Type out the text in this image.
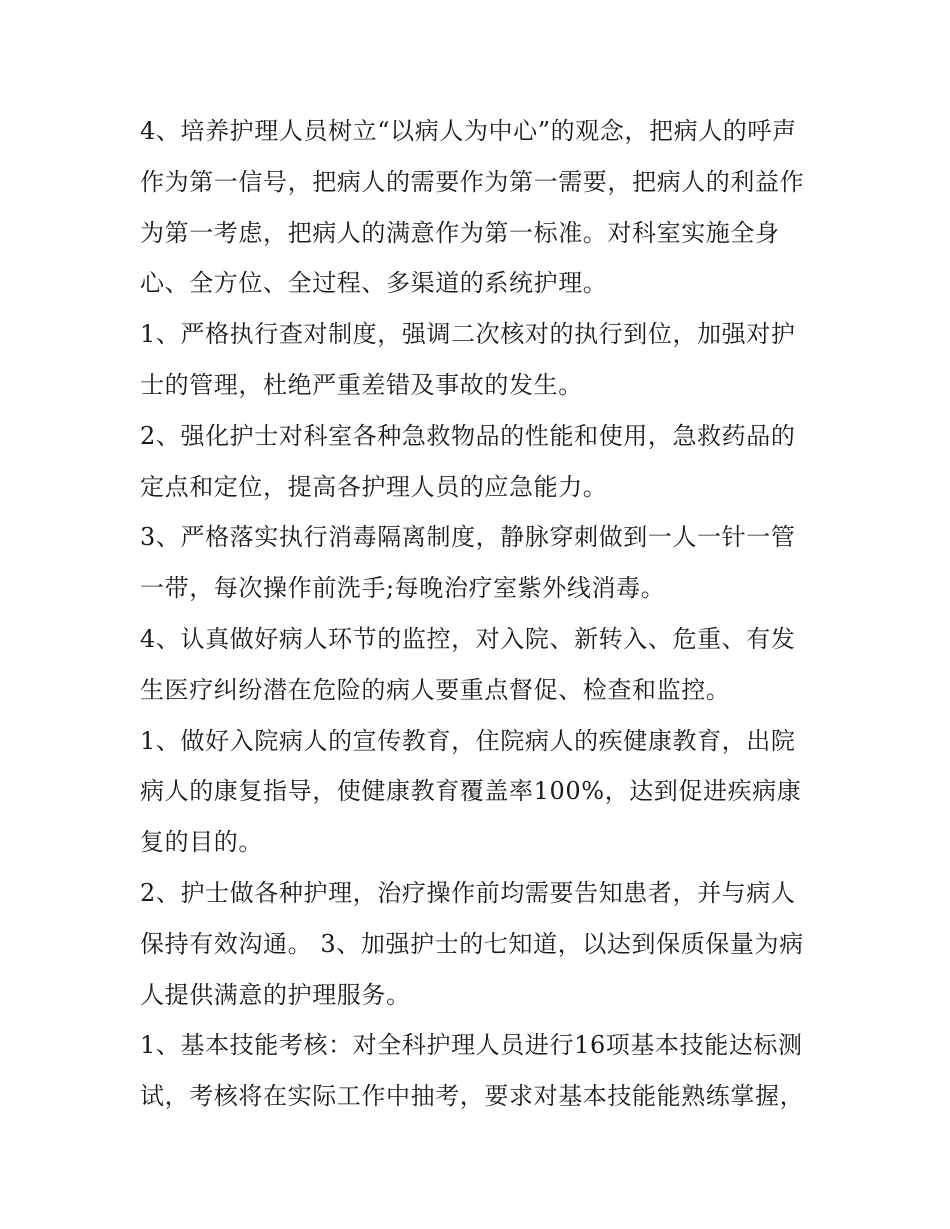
4、培养护理人员树立“以病人为中心”的观念，把病人的呼声作为第一信号，把病人的需要作为第一需要，把病人的利益作为第一考虑，把病人的满意作为第一标准。对科室实施全身心、全方位、全过程、多渠道的系统护理。

1、严格执行查对制度，强调二次核对的执行到位，加强对护士的管理，杜绝严重差错及事故的发生。

2、强化护士对科室各种急救物品的性能和使用，急救药品的定点和定位，提高各护理人员的应急能力。

3、严格落实执行消毒隔离制度，静脉穿刺做到一人一针一管一带，每次操作前洗手;每晚治疗室紫外线消毒。

4、认真做好病人环节的监控，对入院、新转入、危重、有发生医疗纠纷潜在危险的病人要重点督促、检查和监控。

1、做好入院病人的宣传教育，住院病人的疾健康教育，出院病人的康复指导，使健康教育覆盖率100%，达到促进疾病康复的目的。

2、护士做各种护理，治疗操作前均需要告知患者，并与病人保持有效沟通。 3、加强护士的七知道，以达到保质保量为病人提供满意的护理服务。

1、基本技能考核：对全科护理人员进行16项基本技能达标测试，考核将在实际工作中抽考，要求对基本技能能熟练掌握，
